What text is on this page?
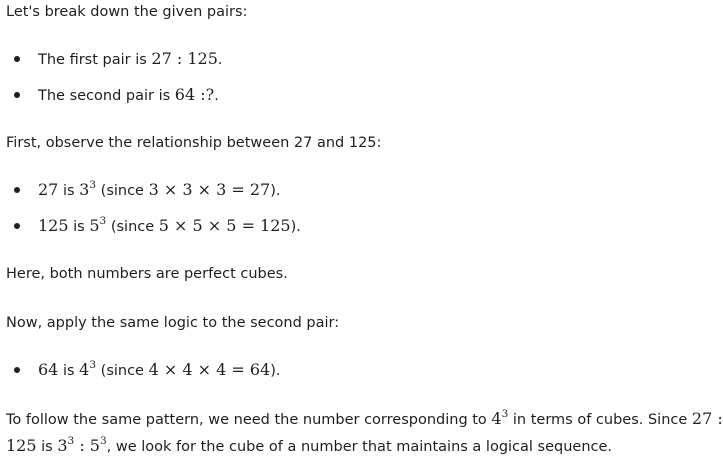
Let's break down the given pairs:
The first pair is 27 : 125.
The second pair is 64 :?.
First, observe the relationship between 27 and 125:
27 is $3^3$ (since 3 × 3 × 3 = 27).
125 is $5^3$ (since 5 × 5 × 5 = 125).
Here, both numbers are perfect cubes.
Now, apply the same logic to the second pair:
64 is $4^3$ (since 4 × 4 × 4 = 64).
To follow the same pattern, we need the number corresponding to $4^3$ in terms of cubes. Since 27 :
125 is $3^3$ : $5^3$, we look for the cube of a number that maintains a logical sequence.
